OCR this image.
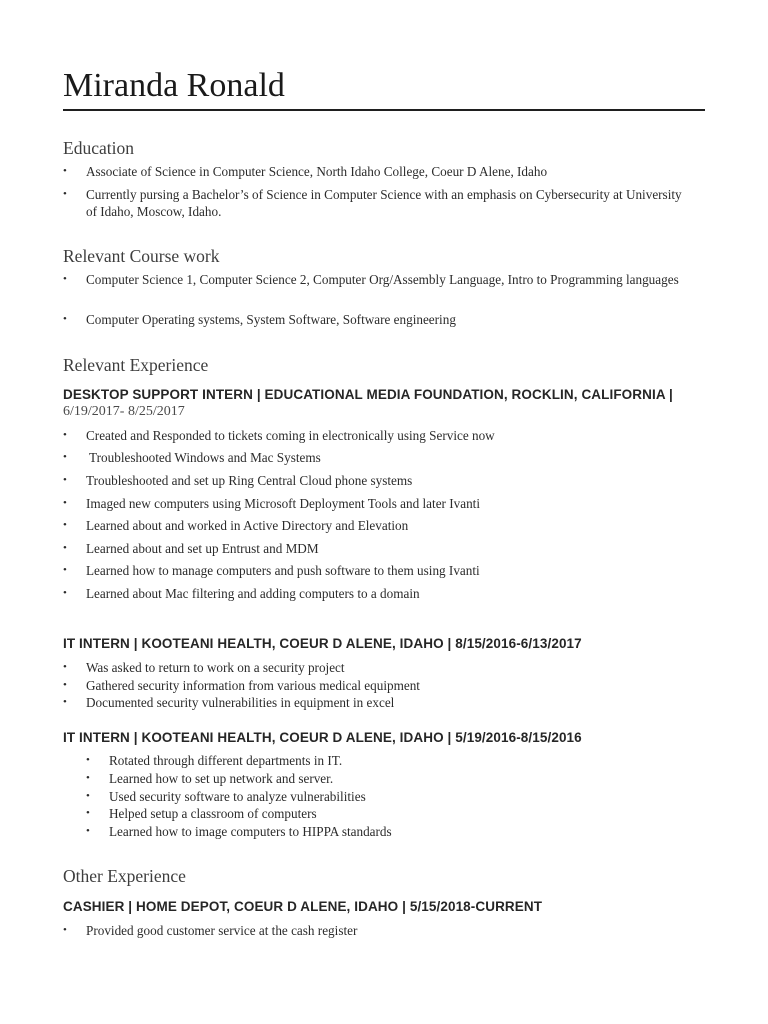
Miranda Ronald
Education
• Associate of Science in Computer Science, North Idaho College, Coeur D Alene, Idaho
• Currently pursing a Bachelor’s of Science in Computer Science with an emphasis on Cybersecurity at University of Idaho, Moscow, Idaho.
Relevant Course work
• Computer Science 1, Computer Science 2, Computer Org/Assembly Language, Intro to Programming languages
• Computer Operating systems, System Software, Software engineering
Relevant Experience
DESKTOP SUPPORT INTERN | EDUCATIONAL MEDIA FOUNDATION, ROCKLIN, CALIFORNIA |
6/19/2017- 8/25/2017
• Created and Responded to tickets coming in electronically using Service now
• Troubleshooted Windows and Mac Systems
• Troubleshooted and set up Ring Central Cloud phone systems
• Imaged new computers using Microsoft Deployment Tools and later Ivanti
• Learned about and worked in Active Directory and Elevation
• Learned about and set up Entrust and MDM
• Learned how to manage computers and push software to them using Ivanti
• Learned about Mac filtering and adding computers to a domain
IT INTERN | KOOTEANI HEALTH, COEUR D ALENE, IDAHO | 8/15/2016-6/13/2017
• Was asked to return to work on a security project
• Gathered security information from various medical equipment
• Documented security vulnerabilities in equipment in excel
IT INTERN | KOOTEANI HEALTH, COEUR D ALENE, IDAHO | 5/19/2016-8/15/2016
• Rotated through different departments in IT.
• Learned how to set up network and server.
• Used security software to analyze vulnerabilities
• Helped setup a classroom of computers
• Learned how to image computers to HIPPA standards
Other Experience
CASHIER | HOME DEPOT, COEUR D ALENE, IDAHO | 5/15/2018-CURRENT
• Provided good customer service at the cash register
